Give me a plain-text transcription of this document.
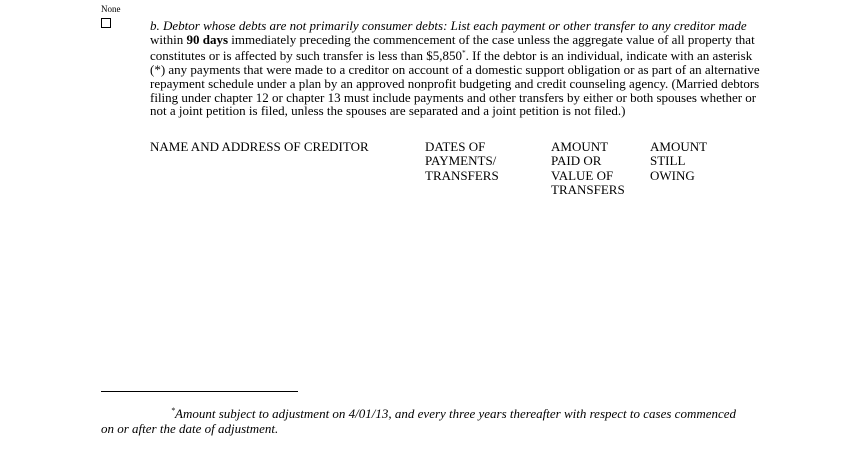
None
b. Debtor whose debts are not primarily consumer debts: List each payment or other transfer to any creditor made
within 90 days immediately preceding the commencement of the case unless the aggregate value of all property that
constitutes or is affected by such transfer is less than $5,850*. If the debtor is an individual, indicate with an asterisk
(*) any payments that were made to a creditor on account of a domestic support obligation or as part of an alternative
repayment schedule under a plan by an approved nonprofit budgeting and credit counseling agency. (Married debtors
filing under chapter 12 or chapter 13 must include payments and other transfers by either or both spouses whether or
not a joint petition is filed, unless the spouses are separated and a joint petition is not filed.)
NAME AND ADDRESS OF CREDITOR	DATES OF
PAYMENTS/
TRANSFERS
AMOUNT
PAID OR
VALUE OF
TRANSFERS
AMOUNT
STILL
OWING
*Amount subject to adjustment on 4/01/13, and every three years thereafter with respect to cases commenced on or after the date of adjustment.
